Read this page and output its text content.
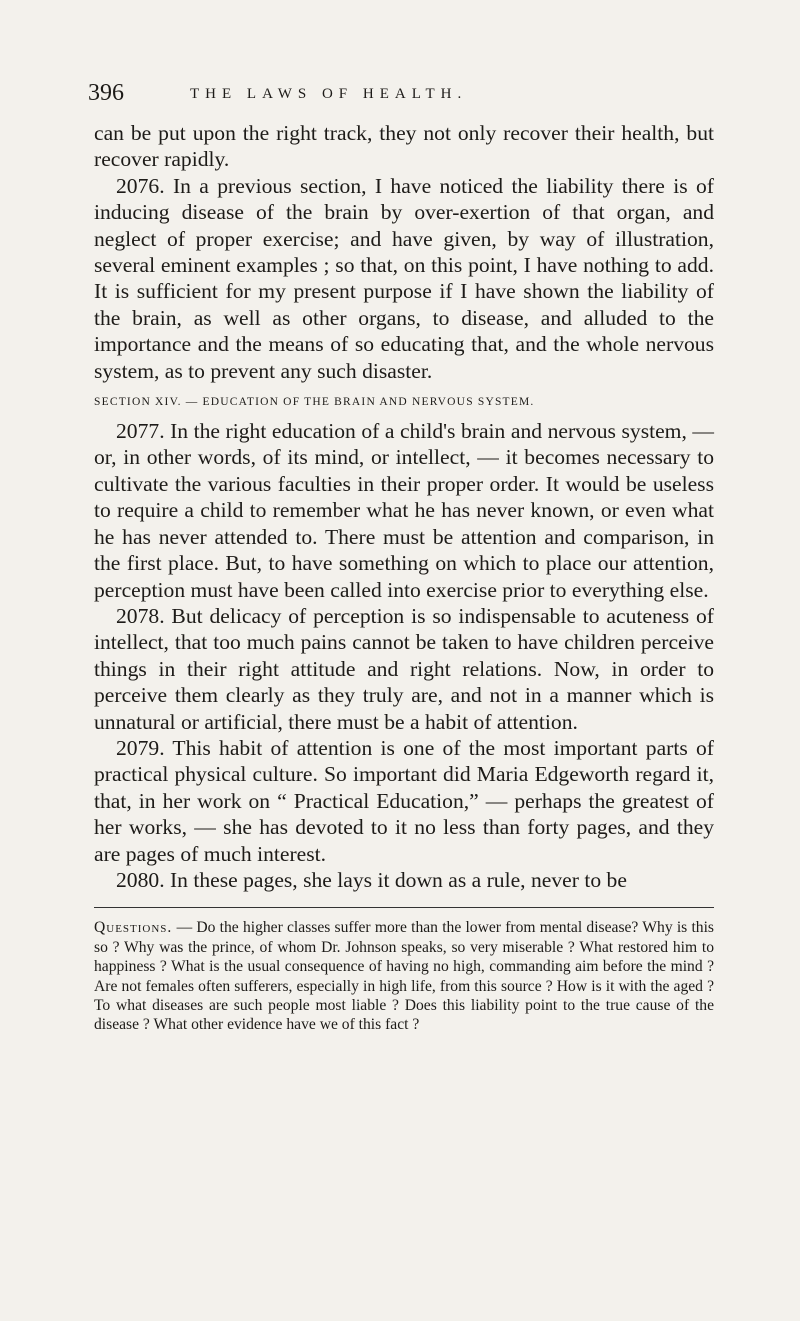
396	THE LAWS OF HEALTH.

can be put upon the right track, they not only recover their health, but recover rapidly.

2076. In a previous section, I have noticed the liability there is of inducing disease of the brain by over-exertion of that organ, and neglect of proper exercise; and have given, by way of illustration, several eminent examples ; so that, on this point, I have nothing to add. It is sufficient for my present purpose if I have shown the liability of the brain, as well as other organs, to disease, and alluded to the importance and the means of so educating that, and the whole nervous system, as to prevent any such disaster.

SECTION XIV. — EDUCATION OF THE BRAIN AND NERVOUS SYSTEM.

2077. In the right education of a child's brain and nervous system, — or, in other words, of its mind, or intellect, — it becomes necessary to cultivate the various faculties in their proper order. It would be useless to require a child to remember what he has never known, or even what he has never attended to. There must be attention and comparison, in the first place. But, to have something on which to place our attention, perception must have been called into exercise prior to everything else.

2078. But delicacy of perception is so indispensable to acuteness of intellect, that too much pains cannot be taken to have children perceive things in their right attitude and right relations. Now, in order to perceive them clearly as they truly are, and not in a manner which is unnatural or artificial, there must be a habit of attention.

2079. This habit of attention is one of the most important parts of practical physical culture. So important did Maria Edgeworth regard it, that, in her work on “ Practical Education,” — perhaps the greatest of her works, — she has devoted to it no less than forty pages, and they are pages of much interest.

2080. In these pages, she lays it down as a rule, never to be

Questions. — Do the higher classes suffer more than the lower from mental disease? Why is this so ? Why was the prince, of whom Dr. Johnson speaks, so very miserable ? What restored him to happiness ? What is the usual consequence of having no high, commanding aim before the mind ? Are not females often sufferers, especially in high life, from this source ? How is it with the aged ? To what diseases are such people most liable ? Does this liability point to the true cause of the disease ? What other evidence have we of this fact ?
